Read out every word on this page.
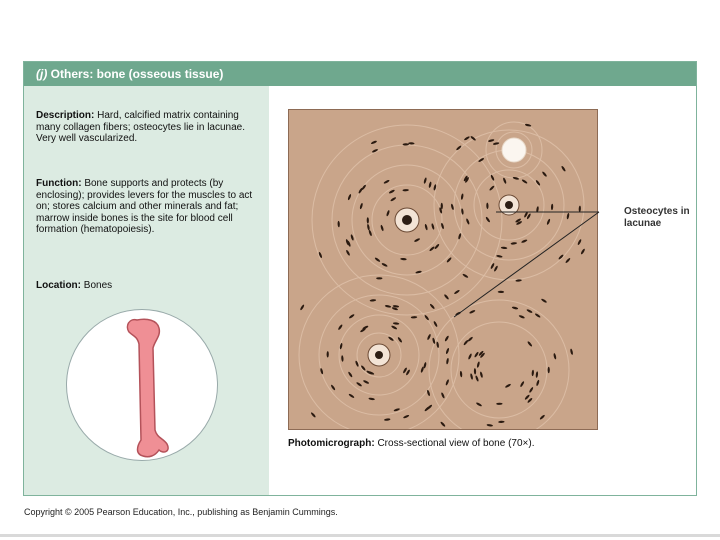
(j) Others: bone (osseous tissue)
Description: Hard, calcified matrix containing many collagen fibers; osteocytes lie in lacunae. Very well vascularized.
Function: Bone supports and protects (by enclosing); provides levers for the muscles to act on; stores calcium and other minerals and fat; marrow inside bones is the site for blood cell formation (hematopoiesis).
Location: Bones
Osteocytes in lacunae
Photomicrograph: Cross-sectional view of bone (70×).
Copyright © 2005 Pearson Education, Inc., publishing as Benjamin Cummings.
